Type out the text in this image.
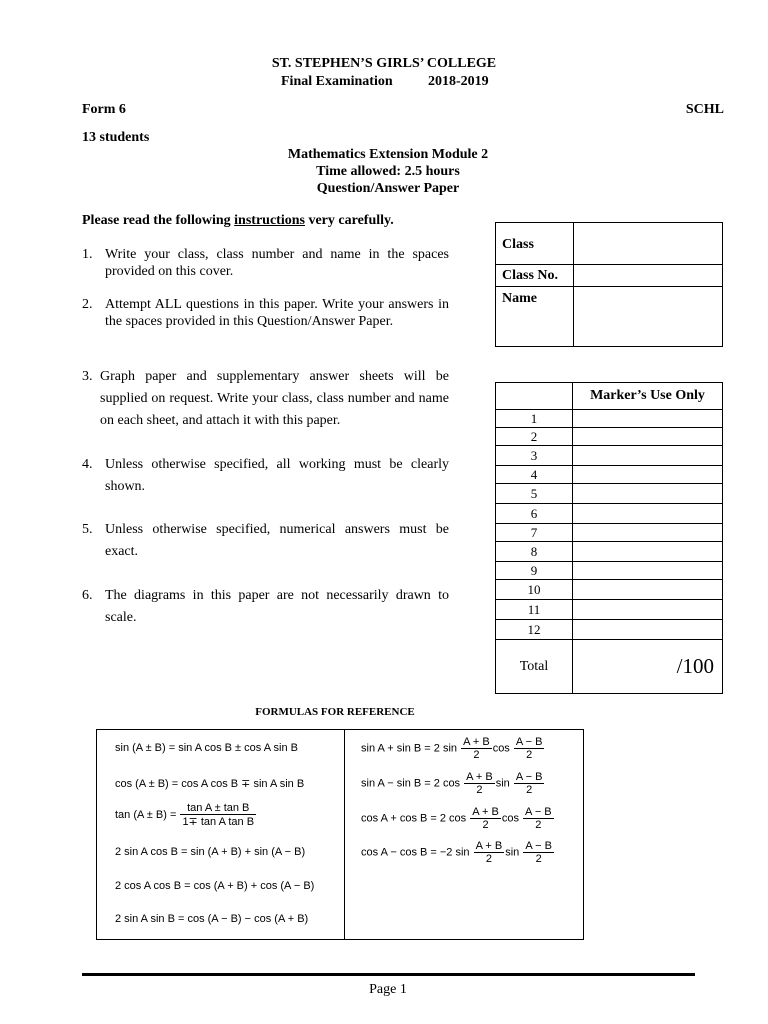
ST. STEPHEN’S GIRLS’ COLLEGE
Final Examination	2018-2019
Form 6	SCHL
13 students
Mathematics Extension Module 2
Time allowed: 2.5 hours
Question/Answer Paper
Please read the following instructions very carefully.
1. Write your class, class number and name in the spaces provided on this cover.
2. Attempt ALL questions in this paper. Write your answers in the spaces provided in this Question/Answer Paper.
3. Graph paper and supplementary answer sheets will be supplied on request. Write your class, class number and name on each sheet, and attach it with this paper.
4. Unless otherwise specified, all working must be clearly shown.
5. Unless otherwise specified, numerical answers must be exact.
6. The diagrams in this paper are not necessarily drawn to scale.
Class	
Class No.	
Name	
	Marker’s Use Only
1	
2	
3	
4	
5	
6	
7	
8	
9	
10	
11	
12	
Total	/100
FORMULAS FOR REFERENCE
sin (A ± B) = sin A cos B ± cos A sin B
cos (A ± B) = cos A cos B ∓ sin A sin B
$\tan (A \pm B) = \frac{\text{tan A ± tan B}}{\text{1∓ tan A tan B}}$
2 sin A cos B = sin (A + B) + sin (A − B)
2 cos A cos B = cos (A + B) + cos (A − B)
2 sin A sin B = cos (A − B) − cos (A + B)
sin A + sin B = 2 $\sin \frac{A + B}{2}$ $\cos \frac{A - B}{2}$
sin A − sin B = 2 $\cos \frac{A + B}{2}$ $\sin \frac{A - B}{2}$
cos A + cos B = 2 $\cos \frac{A + B}{2}$ $\cos \frac{A - B}{2}$
cos A − cos B = −2 $\sin \frac{A + B}{2}$ $\sin \frac{A - B}{2}$
Page 1
